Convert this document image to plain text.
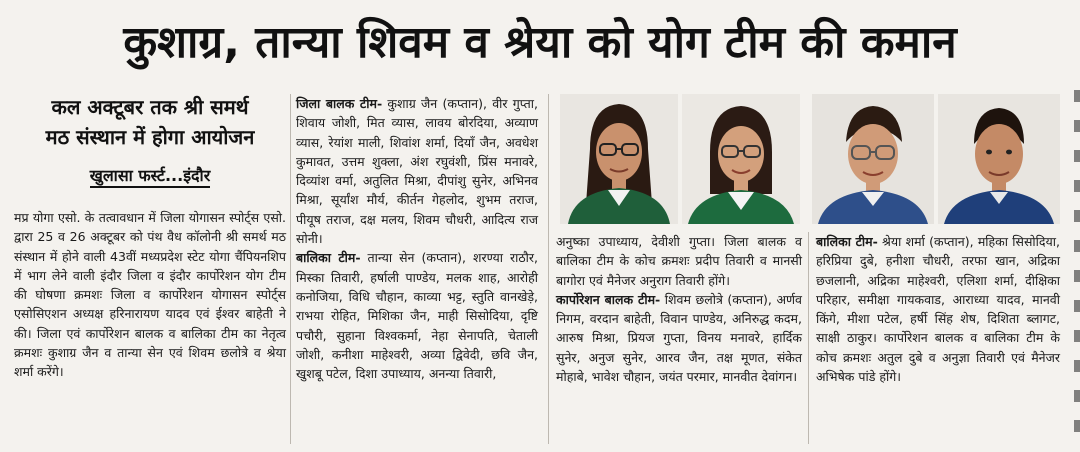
कुशाग्र, तान्या शिवम व श्रेया को योग टीम की कमान
कल अक्टूबर तक श्री समर्थ
मठ संस्थान में होगा आयोजन
खुलासा फर्स्ट...इंदौर
मप्र योगा एसो. के तत्वावधान में जिला योगासन स्पोर्ट्स एसो. द्वारा 25 व 26 अक्टूबर को पंथ वैध कॉलोनी श्री समर्थ मठ संस्थान में होने वाली 43वीं मध्यप्रदेश स्टेट योगा चैंपियनशिप में भाग लेने वाली इंदौर जिला व इंदौर कार्पोरेशन योग टीम की घोषणा क्रमशः जिला व कार्पोरेशन योगासन स्पोर्ट्स एसोसिएशन अध्यक्ष हरिनारायण यादव एवं ईश्वर बाहेती ने की। जिला एवं कार्पोरेशन बालक व बालिका टीम का नेतृत्व क्रमशः कुशाग्र जैन व तान्या सेन एवं शिवम छलोत्रे व श्रेया शर्मा करेंगे।
जिला बालक टीम- कुशाग्र जैन (कप्तान), वीर गुप्ता, शिवाय जोशी, मित व्यास, लावय बोरदिया, अव्याण व्यास, रेयांश माली, शिवांश शर्मा, दियाँ जैन, अवधेश कुमावत, उत्तम शुक्ला, अंश रघुवंशी, प्रिंस मनावरे, दिव्यांश वर्मा, अतुलित मिश्रा, दीपांशु सुनेर, अभिनव मिश्रा, सूर्यांश मौर्य, कीर्तन गेहलोद, शुभम तराज, पीयूष तराज, दक्ष मलय, शिवम चौधरी, आदित्य राज सोनी।
बालिका टीम- तान्या सेन (कप्तान), शरण्या राठौर, मिस्का तिवारी, हर्षाली पाण्डेय, मलक शाह, आरोही कनोजिया, विधि चौहान, काव्या भट्ट, स्तुति वानखेड़े, राभया रोहित, मिशिका जैन, माही सिसोदिया, दृष्टि पचौरी, सुहाना विश्वकर्मा, नेहा सेनापति, चेताली जोशी, कनीशा माहेश्वरी, अव्या द्विवेदी, छवि जैन, खुशबू पटेल, दिशा उपाध्याय, अनन्या तिवारी,
अनुष्का उपाध्याय, देवीशी गुप्ता। जिला बालक व बालिका टीम के कोच क्रमशः प्रदीप तिवारी व मानसी बागोरा एवं मैनेजर अनुराग तिवारी होंगे।
कार्पोरेशन बालक टीम- शिवम छलोत्रे (कप्तान), अर्णव निगम, वरदान बाहेती, विवान पाण्डेय, अनिरुद्ध कदम, आरुष मिश्रा, प्रियज गुप्ता, विनय मनावरे, हार्दिक सुनेर, अनुज सुनेर, आरव जैन, तक्ष मूणत, संकेत मोहाबे, भावेश चौहान, जयंत परमार, मानवीत देवांगन।
बालिका टीम- श्रेया शर्मा (कप्तान), महिका सिसोदिया, हरिप्रिया दुबे, हनीशा चौधरी, तरफा खान, अद्रिका छजलानी, अद्रिका माहेश्वरी, एलिशा शर्मा, दीक्षिका परिहार, समीक्षा गायकवाड, आराध्या यादव, मानवी किंगे, मीशा पटेल, हर्षी सिंह शेष, दिशिता ब्लागट, साक्षी ठाकुर। कार्पोरेशन बालक व बालिका टीम के कोच क्रमशः अतुल दुबे व अनुज्ञा तिवारी एवं मैनेजर अभिषेक पांडे होंगे।
